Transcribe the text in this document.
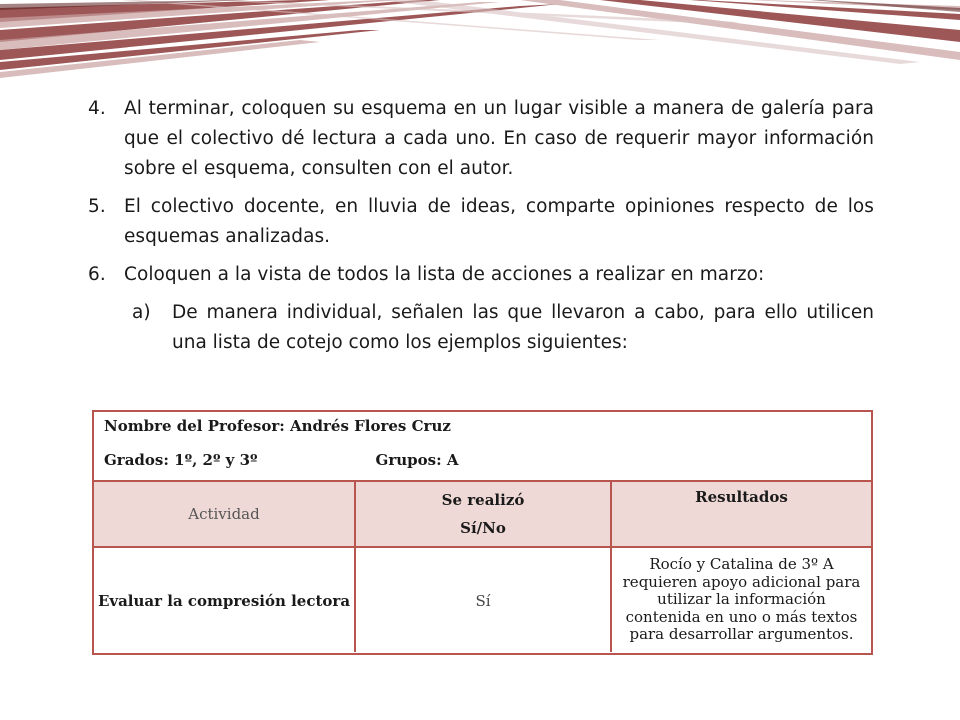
4. Al terminar, coloquen su esquema en un lugar visible a manera de galería para que el colectivo dé lectura a cada uno. En caso de requerir mayor información sobre el esquema, consulten con el autor.
5. El colectivo docente, en lluvia de ideas, comparte opiniones respecto de los esquemas analizadas.
6. Coloquen a la vista de todos la lista de acciones a realizar en marzo:
a) De manera individual, señalen las que llevaron a cabo, para ello utilicen una lista de cotejo como los ejemplos siguientes:
Nombre del Profesor: Andrés Flores Cruz
Grados: 1º, 2º y 3º	Grupos: A
Actividad
Se realizó
Sí/No
Resultados
Evaluar la compresión lectora	Sí
Rocío y Catalina de 3º A
requieren apoyo adicional para
utilizar la información
contenida en uno o más textos
para desarrollar argumentos.
